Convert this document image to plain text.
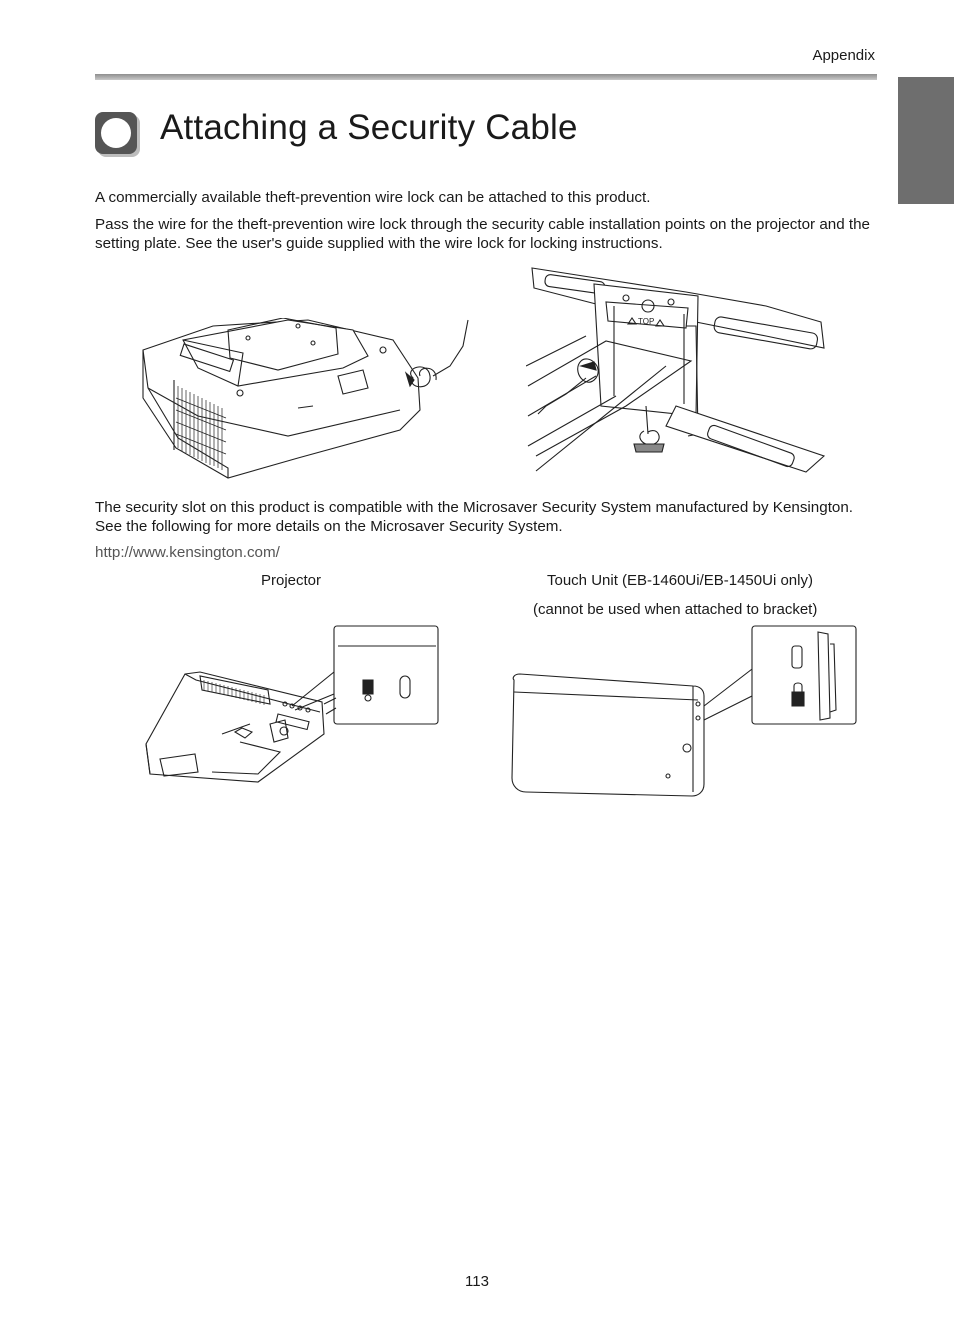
Appendix
Attaching a Security Cable

A commercially available theft-prevention wire lock can be attached to this product.

Pass the wire for the theft-prevention wire lock through the security cable installation points on the projector and the setting plate. See the user's guide supplied with the wire lock for locking instructions.

TOP

The security slot on this product is compatible with the Microsaver Security System manufactured by Kensington. See the following for more details on the Microsaver Security System.

http://www.kensington.com/
Projector	Touch Unit (EB-1460Ui/EB-1450Ui only)
(cannot be used when attached to bracket)
113
